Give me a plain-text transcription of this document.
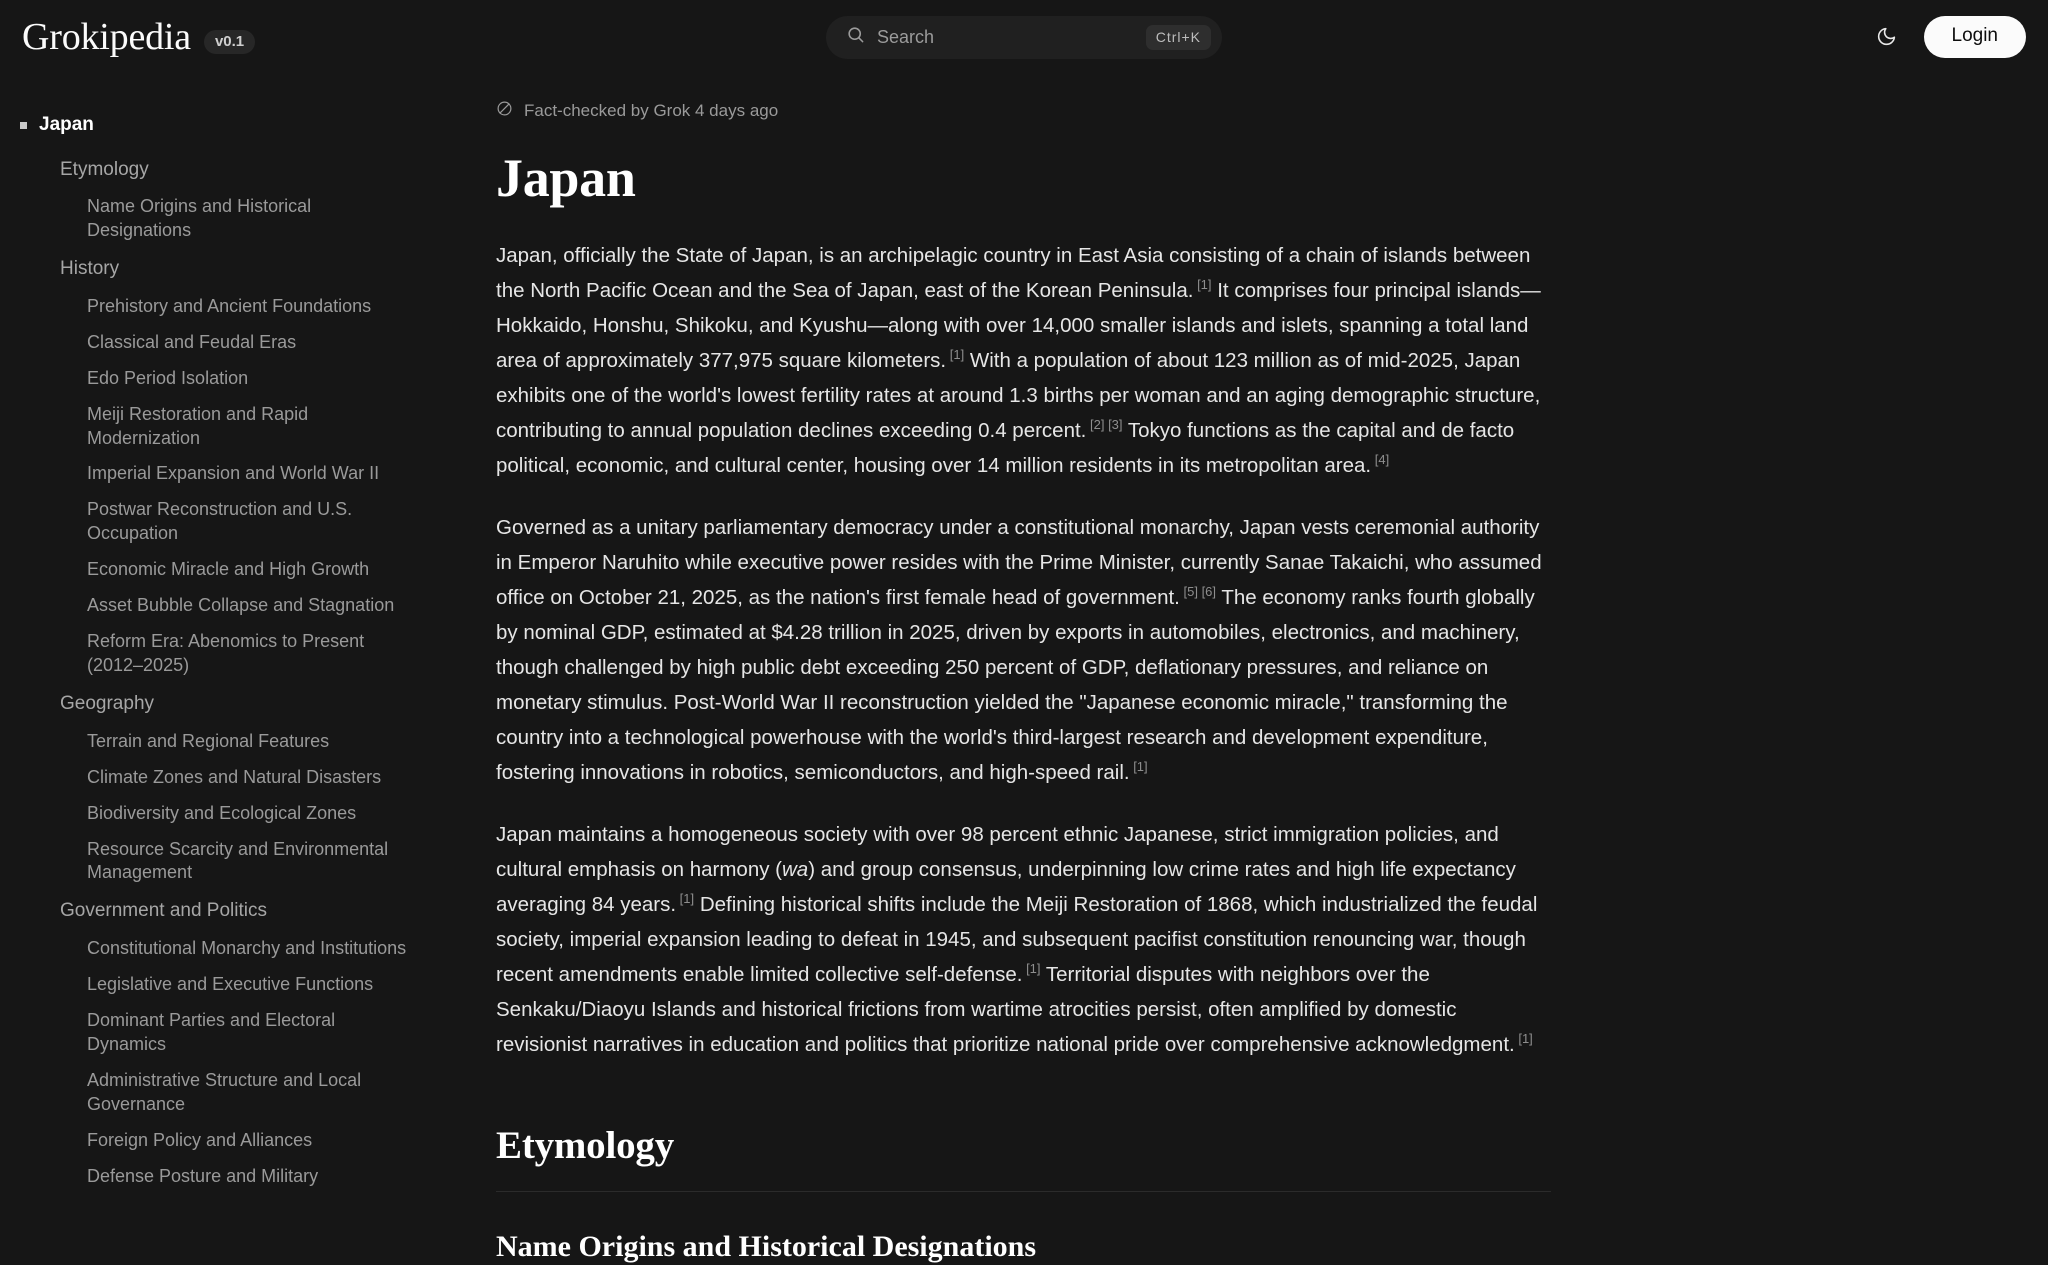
Grokipedia	v0.1
Search	Ctrl+K	Login
Japan
Etymology
Name Origins and Historical Designations
History
Prehistory and Ancient Foundations
Classical and Feudal Eras
Edo Period Isolation
Meiji Restoration and Rapid Modernization
Imperial Expansion and World War II
Postwar Reconstruction and U.S. Occupation
Economic Miracle and High Growth
Asset Bubble Collapse and Stagnation
Reform Era: Abenomics to Present (2012–2025)
Geography
Terrain and Regional Features
Climate Zones and Natural Disasters
Biodiversity and Ecological Zones
Resource Scarcity and Environmental Management
Government and Politics
Constitutional Monarchy and Institutions
Legislative and Executive Functions
Dominant Parties and Electoral Dynamics
Administrative Structure and Local Governance
Foreign Policy and Alliances
Defense Posture and Military
Fact-checked by Grok 4 days ago
Japan

Japan, officially the State of Japan, is an archipelagic country in East Asia consisting of a chain of islands between the North Pacific Ocean and the Sea of Japan, east of the Korean Peninsula. [1] It comprises four principal islands—Hokkaido, Honshu, Shikoku, and Kyushu—along with over 14,000 smaller islands and islets, spanning a total land area of approximately 377,975 square kilometers. [1] With a population of about 123 million as of mid-2025, Japan exhibits one of the world's lowest fertility rates at around 1.3 births per woman and an aging demographic structure, contributing to annual population declines exceeding 0.4 percent. [2] [3] Tokyo functions as the capital and de facto political, economic, and cultural center, housing over 14 million residents in its metropolitan area. [4]

Governed as a unitary parliamentary democracy under a constitutional monarchy, Japan vests ceremonial authority in Emperor Naruhito while executive power resides with the Prime Minister, currently Sanae Takaichi, who assumed office on October 21, 2025, as the nation's first female head of government. [5] [6] The economy ranks fourth globally by nominal GDP, estimated at $4.28 trillion in 2025, driven by exports in automobiles, electronics, and machinery, though challenged by high public debt exceeding 250 percent of GDP, deflationary pressures, and reliance on monetary stimulus. Post-World War II reconstruction yielded the "Japanese economic miracle," transforming the country into a technological powerhouse with the world's third-largest research and development expenditure, fostering innovations in robotics, semiconductors, and high-speed rail. [1]

Japan maintains a homogeneous society with over 98 percent ethnic Japanese, strict immigration policies, and cultural emphasis on harmony (wa) and group consensus, underpinning low crime rates and high life expectancy averaging 84 years. [1] Defining historical shifts include the Meiji Restoration of 1868, which industrialized the feudal society, imperial expansion leading to defeat in 1945, and subsequent pacifist constitution renouncing war, though recent amendments enable limited collective self-defense. [1] Territorial disputes with neighbors over the Senkaku/Diaoyu Islands and historical frictions from wartime atrocities persist, often amplified by domestic revisionist narratives in education and politics that prioritize national pride over comprehensive acknowledgment. [1]

Etymology
Name Origins and Historical Designations
